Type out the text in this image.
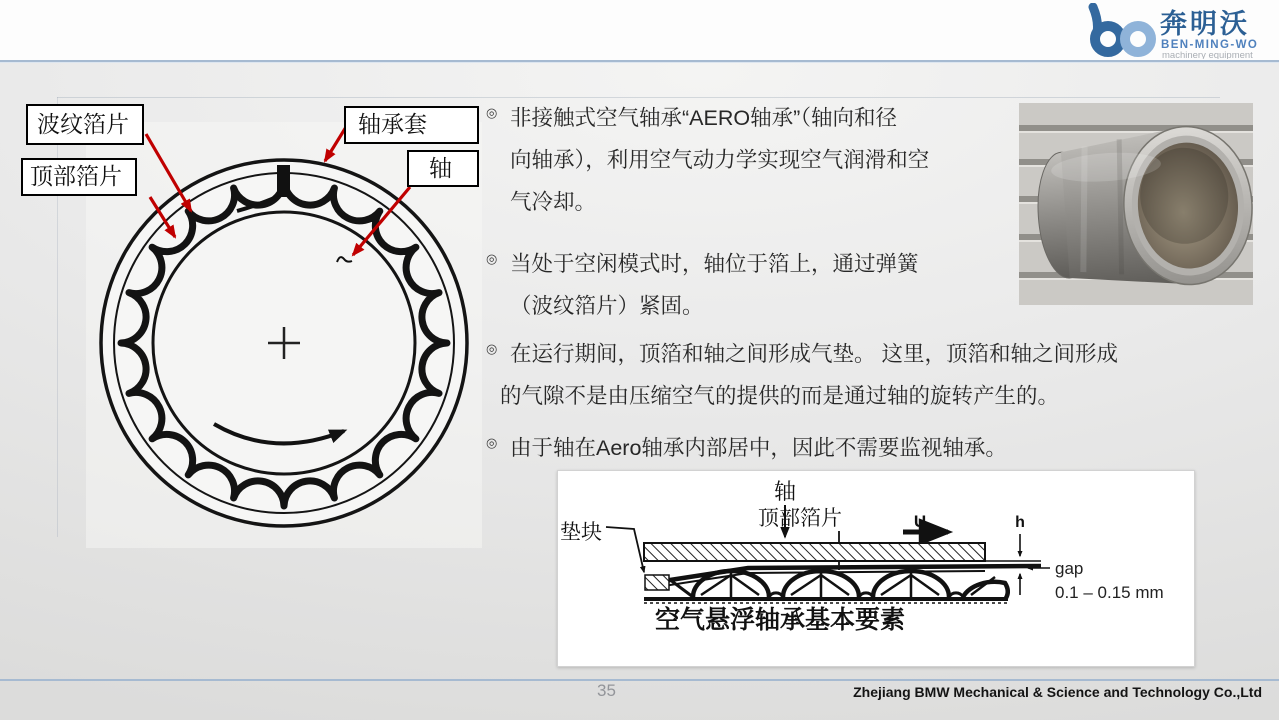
奔明沃
BEN-MING-WO
machinery equipment
波纹箔片
顶部箔片
轴承套
轴
◎ 非接触式空气轴承“AERO轴承”（轴向和径
向轴承），利用空气动力学实现空气润滑和空
气冷却。
◎ 当处于空闲模式时，轴位于箔上，通过弹簧
（波纹箔片）紧固。
◎ 在运行期间，顶箔和轴之间形成气垫。 这里，顶箔和轴之间形成
的气隙不是由压缩空气的提供的而是通过轴的旋转产生的。
◎ 由于轴在Aero轴承内部居中，因此不需要监视轴承。
轴
顶部箔片
垫块	U	h
gap
0.1 – 0.15 mm
空气悬浮轴承基本要素
35	Zhejiang BMW Mechanical & Science and Technology Co.,Ltd
